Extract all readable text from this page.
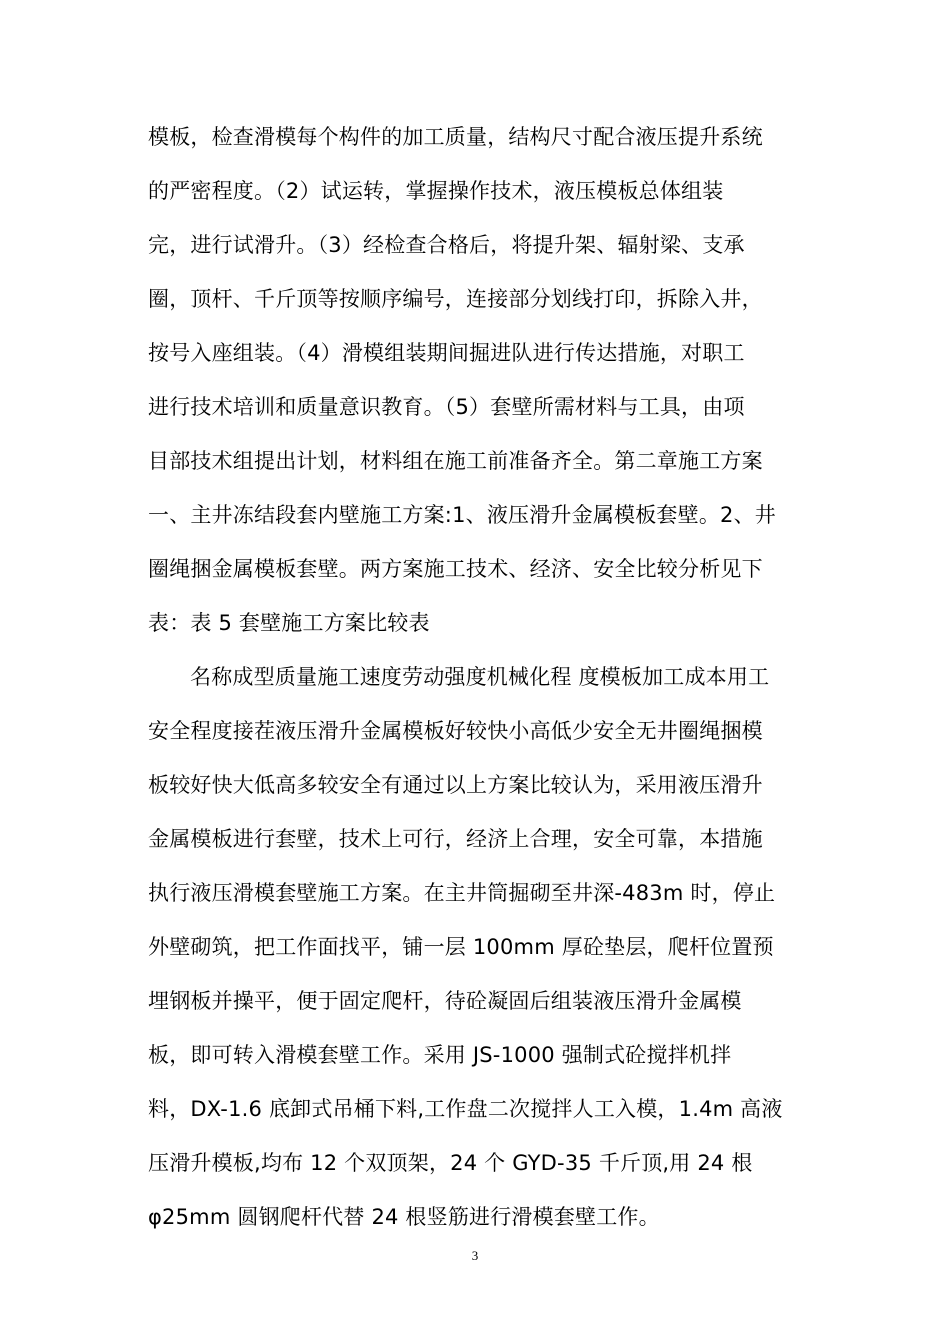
模板，检查滑模每个构件的加工质量，结构尺寸配合液压提升系统
的严密程度。（2）试运转，掌握操作技术，液压模板总体组装
完，进行试滑升。（3）经检查合格后，将提升架、辐射梁、支承
圈，顶杆、千斤顶等按顺序编号，连接部分划线打印，拆除入井，
按号入座组装。（4）滑模组装期间掘进队进行传达措施，对职工
进行技术培训和质量意识教育。（5）套壁所需材料与工具，由项
目部技术组提出计划，材料组在施工前准备齐全。第二章施工方案
一、主井冻结段套内壁施工方案:1、液压滑升金属模板套壁。2、井
圈绳捆金属模板套壁。两方案施工技术、经济、安全比较分析见下
表：表 5 套壁施工方案比较表
名称成型质量施工速度劳动强度机械化程 度模板加工成本用工
安全程度接茬液压滑升金属模板好较快小高低少安全无井圈绳捆模
板较好快大低高多较安全有通过以上方案比较认为，采用液压滑升
金属模板进行套壁，技术上可行，经济上合理，安全可靠，本措施
执行液压滑模套壁施工方案。在主井筒掘砌至井深-483m 时，停止
外壁砌筑，把工作面找平，铺一层 100mm 厚砼垫层，爬杆位置预
埋钢板并操平，便于固定爬杆，待砼凝固后组装液压滑升金属模
板，即可转入滑模套壁工作。采用 JS-1000 强制式砼搅拌机拌
料，DX-1.6 底卸式吊桶下料,工作盘二次搅拌人工入模，1.4m 高液
压滑升模板,均布 12 个双顶架，24 个 GYD-35 千斤顶,用 24 根
φ25mm 圆钢爬杆代替 24 根竖筋进行滑模套壁工作。
3
